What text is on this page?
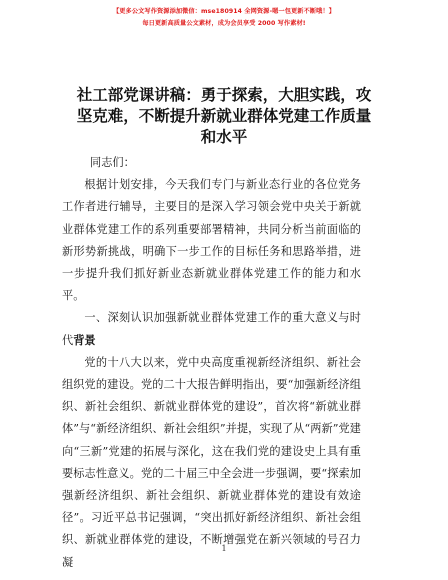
【更多公文写作资源添加微信：mse180914 全网资源-嗯一包更新不断哦！】
每日更新高质量公文素材，成为会员享受 2000 写作素材!
社工部党课讲稿：勇于探索，大胆实践，攻坚克难，不断提升新就业群体党建工作质量和水平

同志们：

根据计划安排，今天我们专门与新业态行业的各位党务工作者进行辅导，主要目的是深入学习领会党中央关于新就业群体党建工作的系列重要部署精神，共同分析当前面临的新形势新挑战，明确下一步工作的目标任务和思路举措，进一步提升我们抓好新业态新就业群体党建工作的能力和水平。

一、深刻认识加强新就业群体党建工作的重大意义与时代背景

党的十八大以来，党中央高度重视新经济组织、新社会组织党的建设。党的二十大报告鲜明指出，要“加强新经济组织、新社会组织、新就业群体党的建设”，首次将“新就业群体”与“新经济组织、新社会组织”并提，实现了从“两新”党建向“三新”党建的拓展与深化，这在我们党的建设史上具有重要标志性意义。党的二十届三中全会进一步强调，要“探索加强新经济组织、新社会组织、新就业群体党的建设有效途径”。习近平总书记强调，“突出抓好新经济组织、新社会组织、新就业群体党的建设，不断增强党在新兴领域的号召力凝

1
